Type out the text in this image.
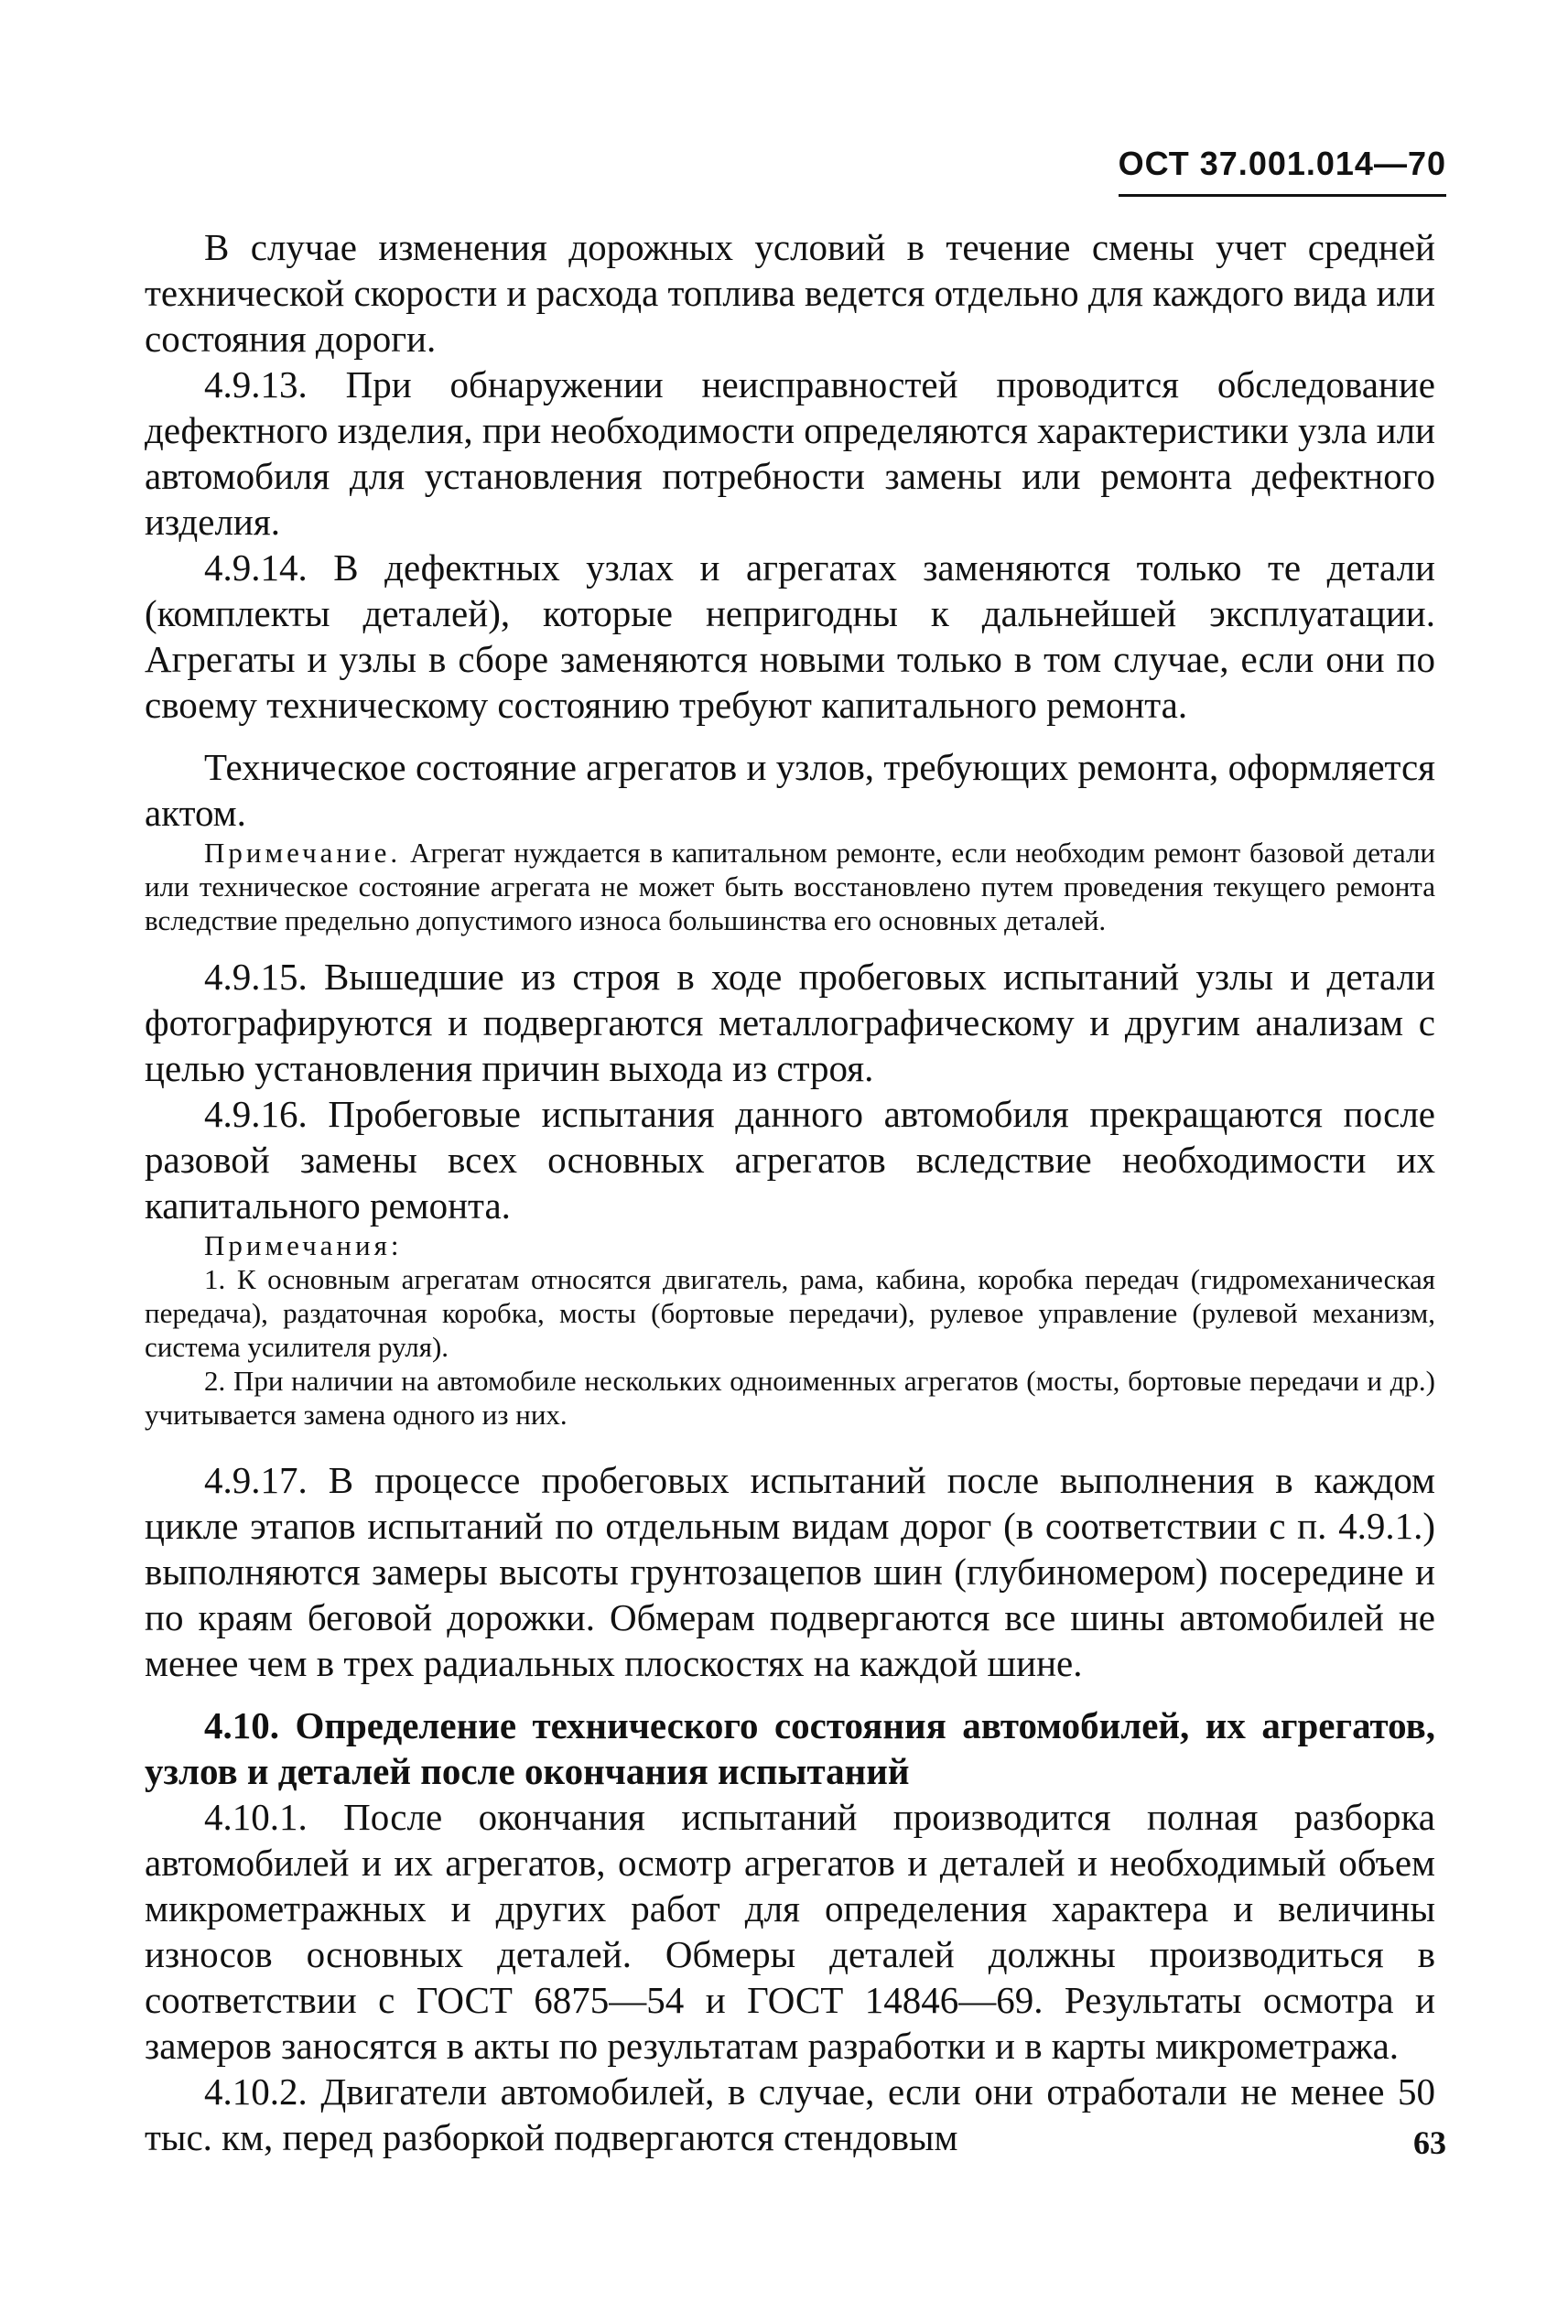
ОСТ 37.001.014—70

В случае изменения дорожных условий в течение смены учет средней технической скорости и расхода топлива ведется отдельно для каждого вида или состояния дороги.

4.9.13. При обнаружении неисправностей проводится обследование дефектного изделия, при необходимости определяются характеристики узла или автомобиля для установления потребности замены или ремонта дефектного изделия.

4.9.14. В дефектных узлах и агрегатах заменяются только те детали (комплекты деталей), которые непригодны к дальнейшей эксплуатации. Агрегаты и узлы в сборе заменяются новыми только в том случае, если они по своему техническому состоянию требуют капитального ремонта.

Техническое состояние агрегатов и узлов, требующих ремонта, оформляется актом.

Примечание. Агрегат нуждается в капитальном ремонте, если необходим ремонт базовой детали или техническое состояние агрегата не может быть восстановлено путем проведения текущего ремонта вследствие предельно допустимого износа большинства его основных деталей.

4.9.15. Вышедшие из строя в ходе пробеговых испытаний узлы и детали фотографируются и подвергаются металлографическому и другим анализам с целью установления причин выхода из строя.

4.9.16. Пробеговые испытания данного автомобиля прекращаются после разовой замены всех основных агрегатов вследствие необходимости их капитального ремонта.

Примечания:

1. К основным агрегатам относятся двигатель, рама, кабина, коробка передач (гидромеханическая передача), раздаточная коробка, мосты (бортовые передачи), рулевое управление (рулевой механизм, система усилителя руля).

2. При наличии на автомобиле нескольких одноименных агрегатов (мосты, бортовые передачи и др.) учитывается замена одного из них.

4.9.17. В процессе пробеговых испытаний после выполнения в каждом цикле этапов испытаний по отдельным видам дорог (в соответствии с п. 4.9.1.) выполняются замеры высоты грунтозацепов шин (глубиномером) посередине и по краям беговой дорожки. Обмерам подвергаются все шины автомобилей не менее чем в трех радиальных плоскостях на каждой шине.

4.10. Определение технического состояния автомобилей, их агрегатов, узлов и деталей после окончания испытаний

4.10.1. После окончания испытаний производится полная разборка автомобилей и их агрегатов, осмотр агрегатов и деталей и необходимый объем микрометражных и других работ для определения характера и величины износов основных деталей. Обмеры деталей должны производиться в соответствии с ГОСТ 6875—54 и ГОСТ 14846—69. Результаты осмотра и замеров заносятся в акты по результатам разработки и в карты микрометража.

4.10.2. Двигатели автомобилей, в случае, если они отработали не менее 50 тыс. км, перед разборкой подвергаются стендовым	63
